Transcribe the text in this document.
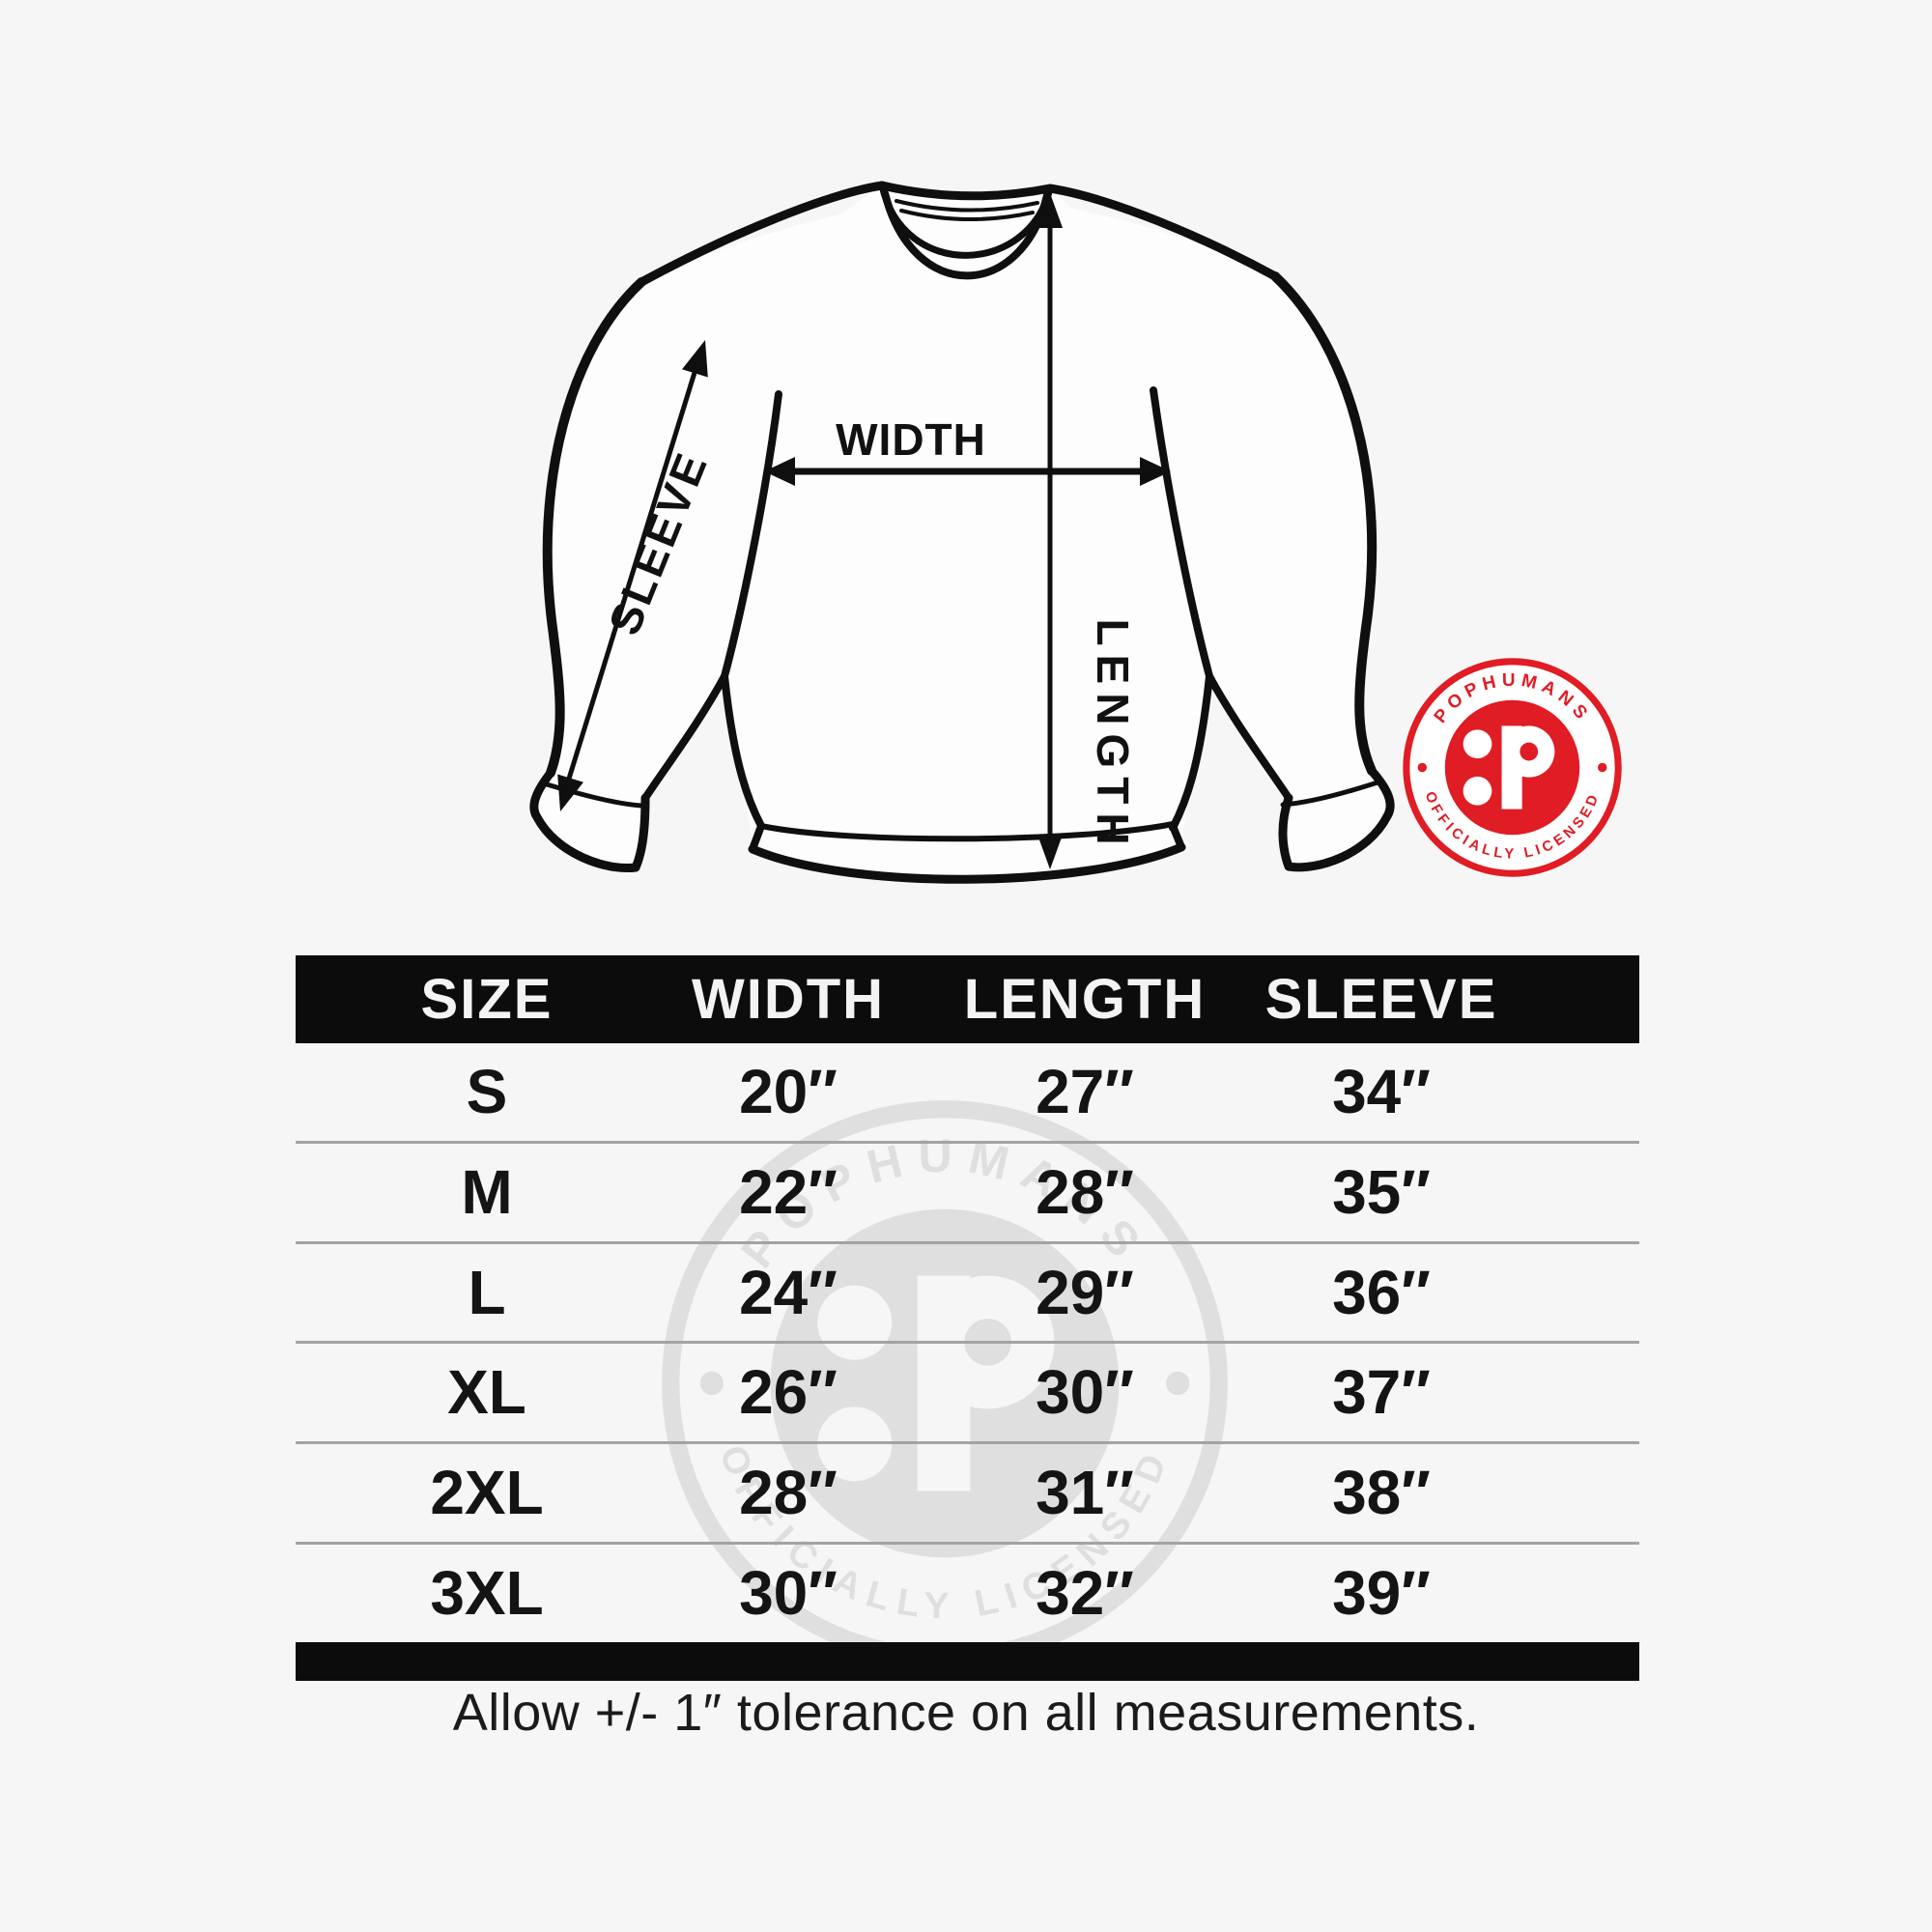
WIDTH
LENGTH
SLEEVE
SIZE WIDTH LENGTH SLEEVE
S	20″	27″	34″
M	22″	28″	35″
L	24″	29″	36″
XL	26″	30″	37″
2XL	28″	31″	38″
3XL	30″	32″	39″
Allow +/- 1″ tolerance on all measurements.
